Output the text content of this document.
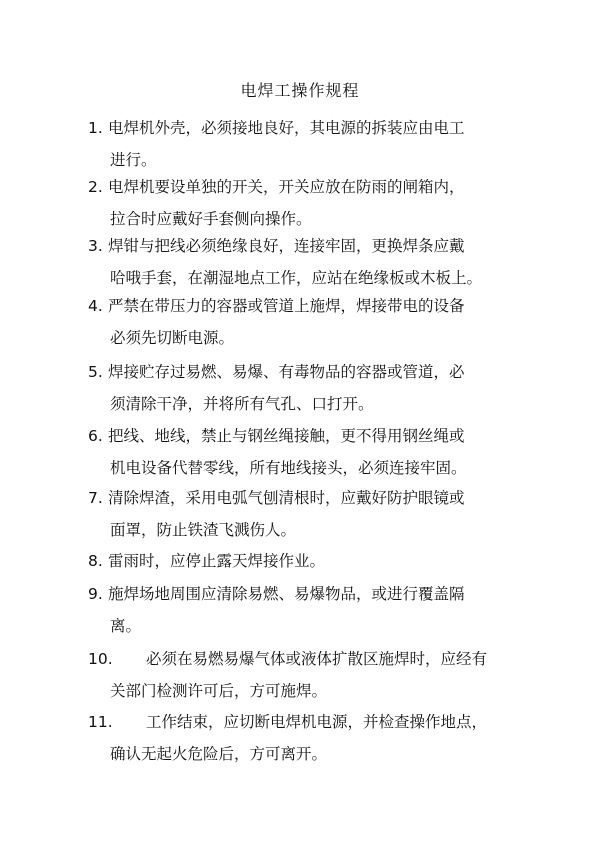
电焊工操作规程
1. 电焊机外壳，必须接地良好，其电源的拆装应由电工
进行。
2. 电焊机要设单独的开关，开关应放在防雨的闸箱内，
拉合时应戴好手套侧向操作。
3. 焊钳与把线必须绝缘良好，连接牢固，更换焊条应戴
哈哦手套，在潮湿地点工作，应站在绝缘板或木板上。
4. 严禁在带压力的容器或管道上施焊，焊接带电的设备
必须先切断电源。
5. 焊接贮存过易燃、易爆、有毒物品的容器或管道，必
须清除干净，并将所有气孔、口打开。
6. 把线、地线，禁止与钢丝绳接触，更不得用钢丝绳或
机电设备代替零线，所有地线接头，必须连接牢固。
7. 清除焊渣，采用电弧气刨清根时，应戴好防护眼镜或
面罩，防止铁渣飞溅伤人。
8. 雷雨时，应停止露天焊接作业。
9. 施焊场地周围应清除易燃、易爆物品，或进行覆盖隔
离。
10. 必须在易燃易爆气体或液体扩散区施焊时，应经有
关部门检测许可后，方可施焊。
11. 工作结束，应切断电焊机电源，并检查操作地点，
确认无起火危险后，方可离开。
